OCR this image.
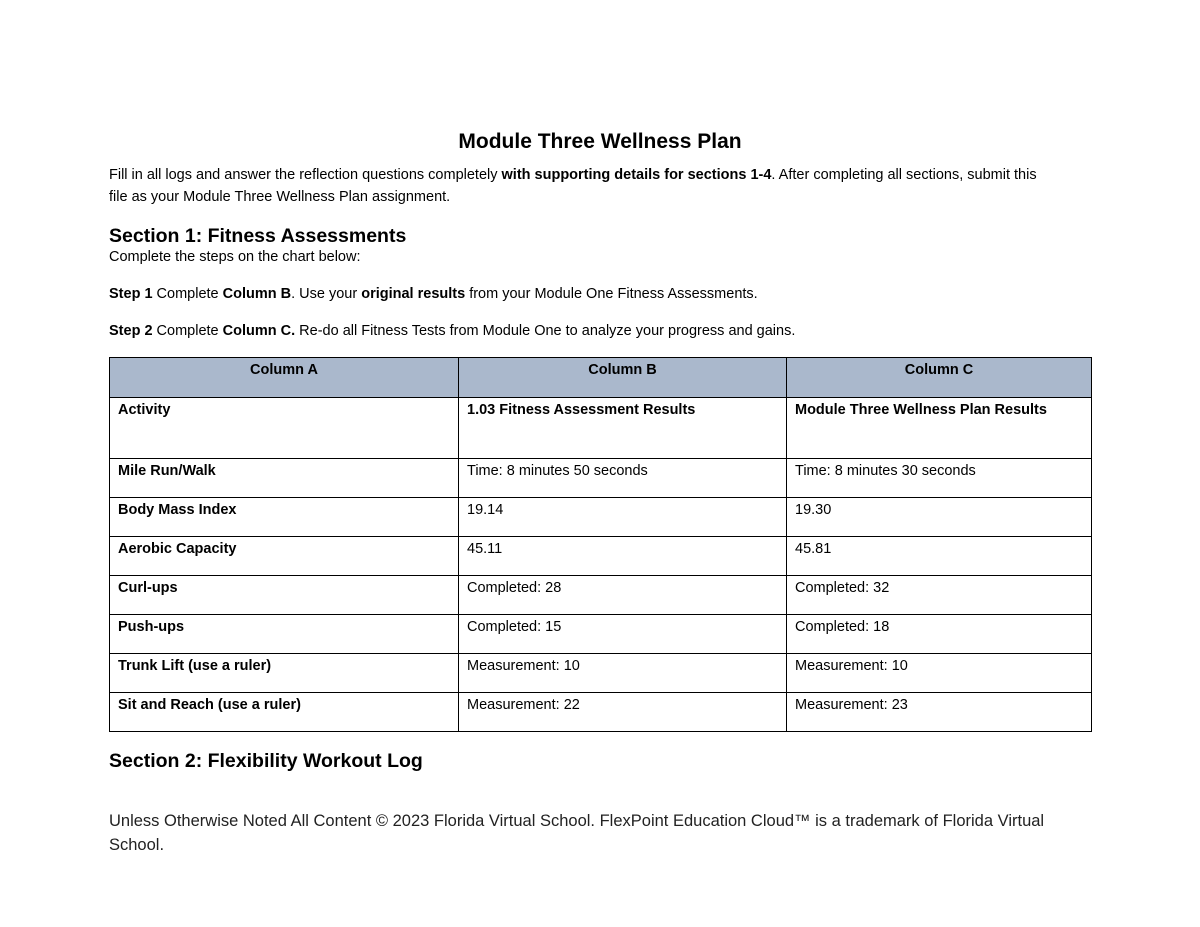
Module Three Wellness Plan
Fill in all logs and answer the reflection questions completely with supporting details for sections 1-4. After completing all sections, submit this file as your Module Three Wellness Plan assignment.
Section 1: Fitness Assessments
Complete the steps on the chart below:
Step 1 Complete Column B. Use your original results from your Module One Fitness Assessments.
Step 2 Complete Column C. Re-do all Fitness Tests from Module One to analyze your progress and gains.
Column A	Column B	Column C
Activity	1.03 Fitness Assessment Results	Module Three Wellness Plan Results
Mile Run/Walk	Time: 8 minutes 50 seconds	Time: 8 minutes 30 seconds
Body Mass Index	19.14	19.30
Aerobic Capacity	45.11	45.81
Curl-ups	Completed: 28	Completed: 32
Push-ups	Completed: 15	Completed: 18
Trunk Lift (use a ruler)	Measurement: 10	Measurement: 10
Sit and Reach (use a ruler)	Measurement: 22	Measurement: 23
Section 2: Flexibility Workout Log
Unless Otherwise Noted All Content © 2023 Florida Virtual School. FlexPoint Education Cloud™ is a trademark of Florida Virtual School.
